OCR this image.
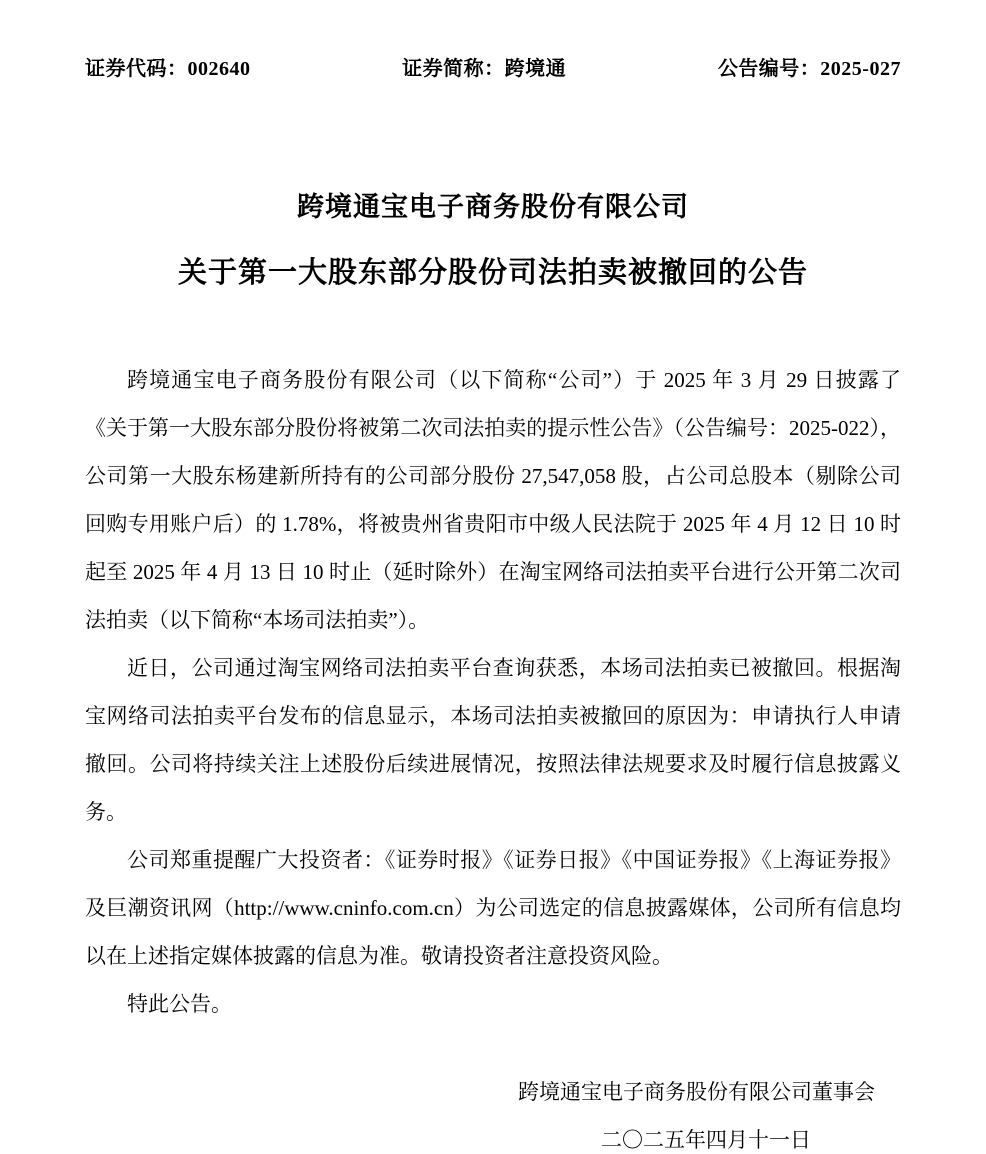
证券代码：002640	证券简称：跨境通	公告编号：2025-027
跨境通宝电子商务股份有限公司
关于第一大股东部分股份司法拍卖被撤回的公告

跨境通宝电子商务股份有限公司（以下简称“公司”）于 2025 年 3 月 29 日披露了《关于第一大股东部分股份将被第二次司法拍卖的提示性公告》（公告编号：2025-022），公司第一大股东杨建新所持有的公司部分股份 27,547,058 股，占公司总股本（剔除公司回购专用账户后）的 1.78%，将被贵州省贵阳市中级人民法院于 2025 年 4 月 12 日 10 时起至 2025 年 4 月 13 日 10 时止（延时除外）在淘宝网络司法拍卖平台进行公开第二次司法拍卖（以下简称“本场司法拍卖”）。

近日，公司通过淘宝网络司法拍卖平台查询获悉，本场司法拍卖已被撤回。根据淘宝网络司法拍卖平台发布的信息显示，本场司法拍卖被撤回的原因为：申请执行人申请撤回。公司将持续关注上述股份后续进展情况，按照法律法规要求及时履行信息披露义务。

公司郑重提醒广大投资者：《证券时报》《证券日报》《中国证券报》《上海证券报》及巨潮资讯网（http://www.cninfo.com.cn）为公司选定的信息披露媒体，公司所有信息均以在上述指定媒体披露的信息为准。敬请投资者注意投资风险。

特此公告。

跨境通宝电子商务股份有限公司董事会
二〇二五年四月十一日
